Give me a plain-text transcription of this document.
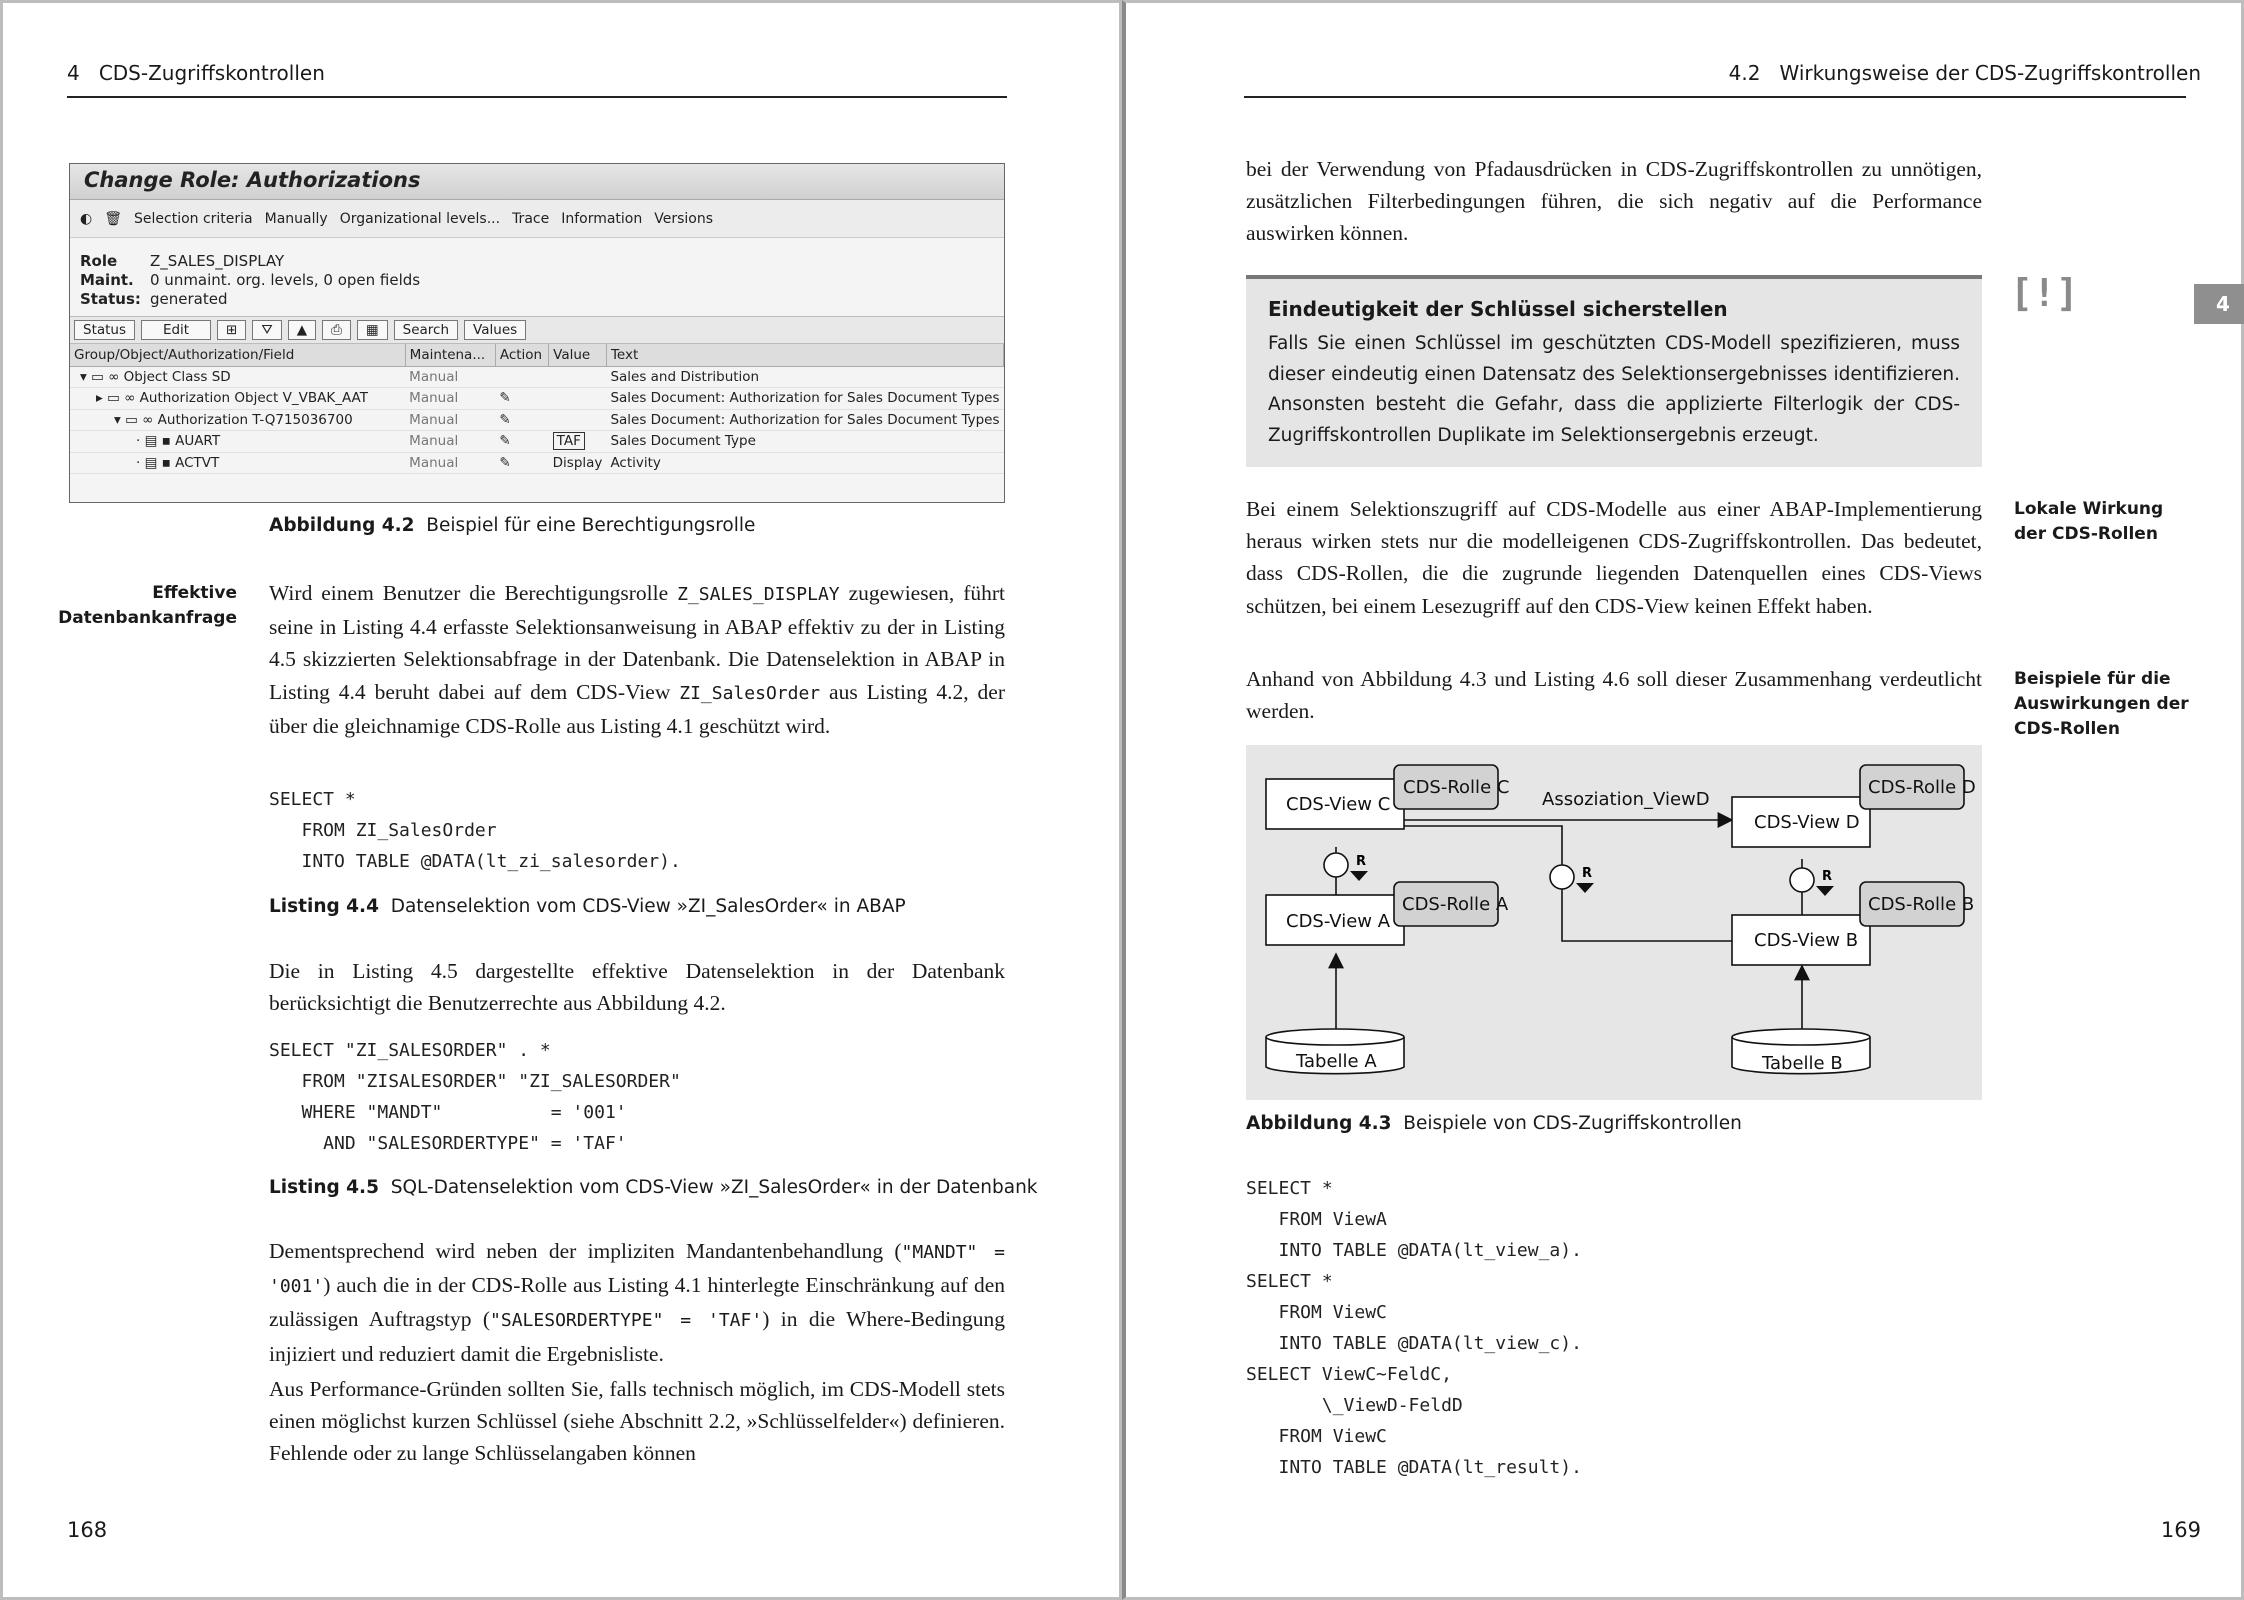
4 CDS-Zugriffskontrollen
Change Role: Authorizations
◐ 🗑 Selection criteria Manually Organizational levels... Trace Information Versions
Role Z_SALES_DISPLAY
Maint. 0 unmaint. org. levels, 0 open fields
Status: generated
Status	Edit	⊞	⛛	▲	⎙	▦	Search	Values
Group/Object/Authorization/Field	Maintena...	Action	Value	Text
▾ ▭ ∞ Object Class SD	Manual			Sales and Distribution
▸ ▭ ∞ Authorization Object V_VBAK_AAT	Manual	✎		Sales Document: Authorization for Sales Document Types
▾ ▭ ∞ Authorization T-Q715036700	Manual	✎		Sales Document: Authorization for Sales Document Types
· ▤ ▪ AUART	Manual	✎	TAF	Sales Document Type
· ▤ ▪ ACTVT	Manual	✎	Display	Activity
Abbildung 4.2 Beispiel für eine Berechtigungsrolle
Effektive
Datenbankanfrage
Wird einem Benutzer die Berechtigungsrolle Z_SALES_DISPLAY zugewiesen, führt seine in Listing 4.4 erfasste Selektionsanweisung in ABAP effektiv zu der in Listing 4.5 skizzierten Selektionsabfrage in der Datenbank. Die Datenselektion in ABAP in Listing 4.4 beruht dabei auf dem CDS-View ZI_SalesOrder aus Listing 4.2, der über die gleichnamige CDS-Rolle aus Listing 4.1 geschützt wird.
SELECT *
FROM ZI_SalesOrder
INTO TABLE @DATA(lt_zi_salesorder).
Listing 4.4 Datenselektion vom CDS-View »ZI_SalesOrder« in ABAP
Die in Listing 4.5 dargestellte effektive Datenselektion in der Datenbank berücksichtigt die Benutzerrechte aus Abbildung 4.2.
SELECT "ZI_SALESORDER" . *
FROM "ZISALESORDER" "ZI_SALESORDER"
WHERE "MANDT"          = '001'
AND "SALESORDERTYPE" = 'TAF'
Listing 4.5 SQL-Datenselektion vom CDS-View »ZI_SalesOrder« in der Datenbank
Dementsprechend wird neben der impliziten Mandantenbehandlung ("MANDT" = '001') auch die in der CDS-Rolle aus Listing 4.1 hinterlegte Einschränkung auf den zulässigen Auftragstyp ("SALESORDERTYPE" = 'TAF') in die Where-Bedingung injiziert und reduziert damit die Ergebnisliste.
Aus Performance-Gründen sollten Sie, falls technisch möglich, im CDS-Modell stets einen möglichst kurzen Schlüssel (siehe Abschnitt 2.2, »Schlüsselfelder«) definieren. Fehlende oder zu lange Schlüsselangaben können
168
4.2 Wirkungsweise der CDS-Zugriffskontrollen
bei der Verwendung von Pfadausdrücken in CDS-Zugriffskontrollen zu unnötigen, zusätzlichen Filterbedingungen führen, die sich negativ auf die Performance auswirken können.
Eindeutigkeit der Schlüssel sicherstellen

Falls Sie einen Schlüssel im geschützten CDS-Modell spezifizieren, muss dieser eindeutig einen Datensatz des Selektionsergebnisses identifizieren. Ansonsten besteht die Gefahr, dass die applizierte Filterlogik der CDS-Zugriffskontrollen Duplikate im Selektionsergebnis erzeugt.

[!]	4
Lokale Wirkung
der CDS-Rollen
Bei einem Selektionszugriff auf CDS-Modelle aus einer ABAP-Implementierung heraus wirken stets nur die modelleigenen CDS-Zugriffskontrollen. Das bedeutet, dass CDS-Rollen, die die zugrunde liegenden Datenquellen eines CDS-Views schützen, bei einem Lesezugriff auf den CDS-View keinen Effekt haben.
Beispiele für die
Auswirkungen der
CDS-Rollen
Anhand von Abbildung 4.3 und Listing 4.6 soll dieser Zusammenhang verdeutlicht werden.
R
R	R
CDS-View C
CDS-Rolle C
CDS-View A
CDS-Rolle A
CDS-View D
CDS-Rolle D
CDS-View B
CDS-Rolle B
Assoziation_ViewD
Tabelle A	Tabelle B
Abbildung 4.3 Beispiele von CDS-Zugriffskontrollen
SELECT *
FROM ViewA
INTO TABLE @DATA(lt_view_a).
SELECT *
FROM ViewC
INTO TABLE @DATA(lt_view_c).
SELECT ViewC~FeldC,
\_ViewD-FeldD
FROM ViewC
INTO TABLE @DATA(lt_result).
169
